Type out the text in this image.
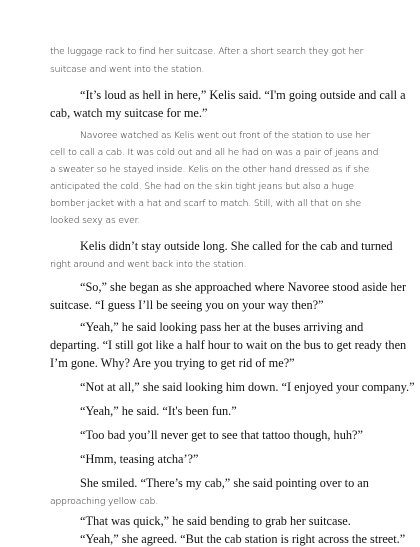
the luggage rack to find her suitcase. After a short search they got her
suitcase and went into the station.
“It’s loud as hell in here,” Kelis said. “I'm going outside and call a
cab, watch my suitcase for me.”
Navoree watched as Kelis went out front of the station to use her
cell to call a cab. It was cold out and all he had on was a pair of jeans and
a sweater so he stayed inside. Kelis on the other hand dressed as if she
anticipated the cold. She had on the skin tight jeans but also a huge
bomber jacket with a hat and scarf to match. Still, with all that on she
looked sexy as ever.
Kelis didn’t stay outside long. She called for the cab and turned
right around and went back into the station.
“So,” she began as she approached where Navoree stood aside her
suitcase. “I guess I’ll be seeing you on your way then?”
“Yeah,” he said looking pass her at the buses arriving and
departing. “I still got like a half hour to wait on the bus to get ready then
I’m gone. Why? Are you trying to get rid of me?”
“Not at all,” she said looking him down. “I enjoyed your company.”
“Yeah,” he said. “It's been fun.”
“Too bad you’ll never get to see that tattoo though, huh?”
“Hmm, teasing atcha’?”
She smiled. “There’s my cab,” she said pointing over to an
approaching yellow cab.
“That was quick,” he said bending to grab her suitcase.
“Yeah,” she agreed. “But the cab station is right across the street.”
